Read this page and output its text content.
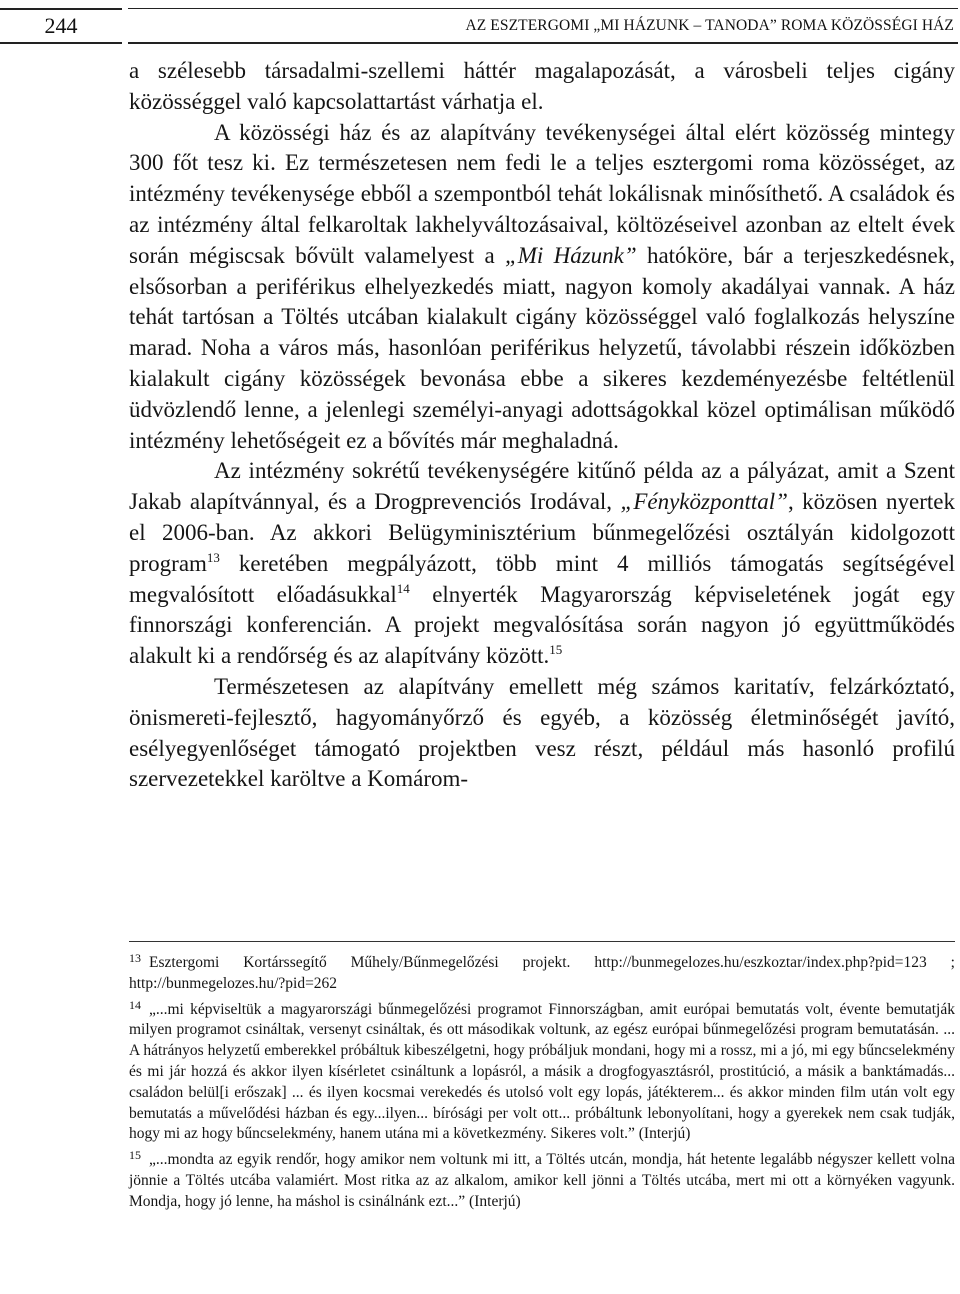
244	AZ ESZTERGOMI „MI HÁZUNK – TANODA” ROMA KÖZÖSSÉGI HÁZ

a szélesebb társadalmi-szellemi háttér magalapozását, a városbeli teljes cigány közösséggel való kapcsolattartást várhatja el.

A közösségi ház és az alapítvány tevékenységei által elért közösség mintegy 300 főt tesz ki. Ez természetesen nem fedi le a teljes esztergomi roma közösséget, az intézmény tevékenysége ebből a szempontból tehát lokálisnak minősíthető. A családok és az intézmény által felkaroltak lakhelyváltozásaival, költözéseivel azonban az eltelt évek során mégiscsak bővült valamelyest a „Mi Házunk” hatóköre, bár a terjeszkedésnek, elsősorban a periférikus elhelyezkedés miatt, nagyon komoly akadályai vannak. A ház tehát tartósan a Töltés utcában kialakult cigány közösséggel való foglalkozás helyszíne marad. Noha a város más, hasonlóan periférikus helyzetű, távolabbi részein időközben kialakult cigány közösségek bevonása ebbe a sikeres kezdeményezésbe feltétlenül üdvözlendő lenne, a jelenlegi személyi-anyagi adottságokkal közel optimálisan működő intézmény lehetőségeit ez a bővítés már meghaladná.

Az intézmény sokrétű tevékenységére kitűnő példa az a pályázat, amit a Szent Jakab alapítvánnyal, és a Drogprevenciós Irodával, „Fényközponttal”, közösen nyertek el 2006-ban. Az akkori Belügyminisztérium bűnmegelőzési osztályán kidolgozott program$^{13}$ keretében megpályázott, több mint 4 milliós támogatás segítségével megvalósított előadásukkal$^{14}$ elnyerték Magyarország képviseletének jogát egy finnországi konferencián. A projekt megvalósítása során nagyon jó együttműködés alakult ki a rendőrség és az alapítvány között.$^{15}$

Természetesen az alapítvány emellett még számos karitatív, felzárkóztató, önismereti-fejlesztő, hagyományőrző és egyéb, a közösség életminőségét javító, esélyegyenlőséget támogató projektben vesz részt, például más hasonló profilú szervezetekkel karöltve a Komárom-

$^{13}$ Esztergomi Kortárssegítő Műhely/Bűnmegelőzési projekt. http://bunmegelozes.hu/eszkoztar/index.php?pid=123 ; http://bunmegelozes.hu/?pid=262

$^{14}$ „...mi képviseltük a magyarországi bűnmegelőzési programot Finnországban, amit európai bemutatás volt, évente bemutatják milyen programot csináltak, versenyt csináltak, és ott másodikak voltunk, az egész európai bűnmegelőzési program bemutatásán. ... A hátrányos helyzetű emberekkel próbáltuk kibeszélgetni, hogy próbáljuk mondani, hogy mi a rossz, mi a jó, mi egy bűncselekmény és mi jár hozzá és akkor ilyen kísérletet csináltunk a lopásról, a másik a drogfogyasztásról, prostitúció, a másik a banktámadás... családon belül[i erőszak] ... és ilyen kocsmai verekedés és utolsó volt egy lopás, játékterem... és akkor minden film után volt egy bemutatás a művelődési házban és egy...ilyen... bírósági per volt ott... próbáltunk lebonyolítani, hogy a gyerekek nem csak tudják, hogy mi az hogy bűncselekmény, hanem utána mi a következmény. Sikeres volt.” (Interjú)

$^{15}$ „...mondta az egyik rendőr, hogy amikor nem voltunk mi itt, a Töltés utcán, mondja, hát hetente legalább négyszer kellett volna jönnie a Töltés utcába valamiért. Most ritka az az alkalom, amikor kell jönni a Töltés utcába, mert mi ott a környéken vagyunk. Mondja, hogy jó lenne, ha máshol is csinálnánk ezt...” (Interjú)
